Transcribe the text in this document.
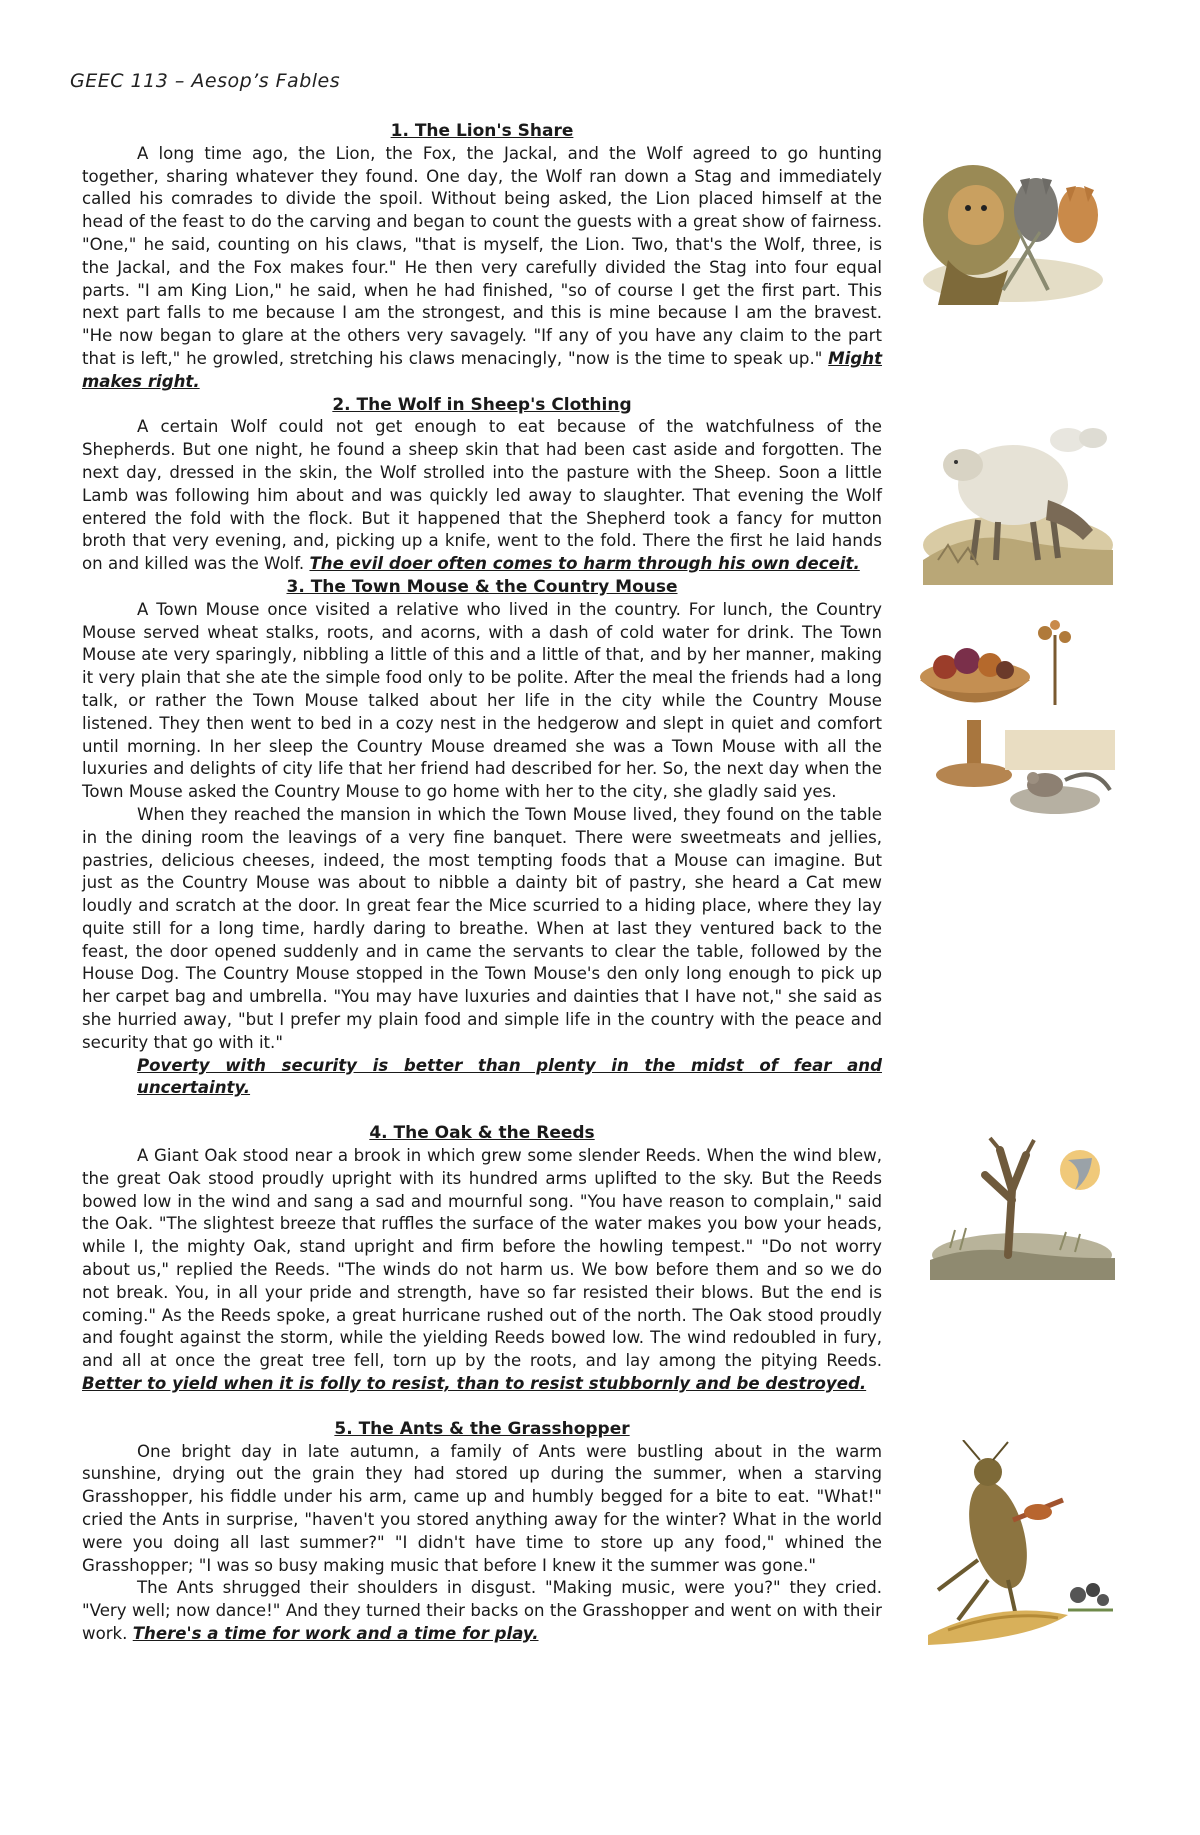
GEEC 113 – Aesop’s Fables

1. The Lion's Share

A long time ago, the Lion, the Fox, the Jackal, and the Wolf agreed to go hunting together, sharing whatever they found. One day, the Wolf ran down a Stag and immediately called his comrades to divide the spoil. Without being asked, the Lion placed himself at the head of the feast to do the carving and began to count the guests with a great show of fairness. "One," he said, counting on his claws, "that is myself, the Lion. Two, that's the Wolf, three, is the Jackal, and the Fox makes four." He then very carefully divided the Stag into four equal parts. "I am King Lion," he said, when he had finished, "so of course I get the first part. This next part falls to me because I am the strongest, and this is mine because I am the bravest. "He now began to glare at the others very savagely. "If any of you have any claim to the part that is left," he growled, stretching his claws menacingly, "now is the time to speak up." Might makes right.

2. The Wolf in Sheep's Clothing

A certain Wolf could not get enough to eat because of the watchfulness of the Shepherds. But one night, he found a sheep skin that had been cast aside and forgotten. The next day, dressed in the skin, the Wolf strolled into the pasture with the Sheep. Soon a little Lamb was following him about and was quickly led away to slaughter. That evening the Wolf entered the fold with the flock. But it happened that the Shepherd took a fancy for mutton broth that very evening, and, picking up a knife, went to the fold. There the first he laid hands on and killed was the Wolf. The evil doer often comes to harm through his own deceit.

3. The Town Mouse & the Country Mouse

A Town Mouse once visited a relative who lived in the country. For lunch, the Country Mouse served wheat stalks, roots, and acorns, with a dash of cold water for drink. The Town Mouse ate very sparingly, nibbling a little of this and a little of that, and by her manner, making it very plain that she ate the simple food only to be polite. After the meal the friends had a long talk, or rather the Town Mouse talked about her life in the city while the Country Mouse listened. They then went to bed in a cozy nest in the hedgerow and slept in quiet and comfort until morning. In her sleep the Country Mouse dreamed she was a Town Mouse with all the luxuries and delights of city life that her friend had described for her. So, the next day when the Town Mouse asked the Country Mouse to go home with her to the city, she gladly said yes.

When they reached the mansion in which the Town Mouse lived, they found on the table in the dining room the leavings of a very fine banquet. There were sweetmeats and jellies, pastries, delicious cheeses, indeed, the most tempting foods that a Mouse can imagine. But just as the Country Mouse was about to nibble a dainty bit of pastry, she heard a Cat mew loudly and scratch at the door. In great fear the Mice scurried to a hiding place, where they lay quite still for a long time, hardly daring to breathe. When at last they ventured back to the feast, the door opened suddenly and in came the servants to clear the table, followed by the House Dog. The Country Mouse stopped in the Town Mouse's den only long enough to pick up her carpet bag and umbrella. "You may have luxuries and dainties that I have not," she said as she hurried away, "but I prefer my plain food and simple life in the country with the peace and security that go with it."

Poverty with security is better than plenty in the midst of fear and uncertainty.

4. The Oak & the Reeds

A Giant Oak stood near a brook in which grew some slender Reeds. When the wind blew, the great Oak stood proudly upright with its hundred arms uplifted to the sky. But the Reeds bowed low in the wind and sang a sad and mournful song. "You have reason to complain," said the Oak. "The slightest breeze that ruffles the surface of the water makes you bow your heads, while I, the mighty Oak, stand upright and firm before the howling tempest." "Do not worry about us," replied the Reeds. "The winds do not harm us. We bow before them and so we do not break. You, in all your pride and strength, have so far resisted their blows. But the end is coming." As the Reeds spoke, a great hurricane rushed out of the north. The Oak stood proudly and fought against the storm, while the yielding Reeds bowed low. The wind redoubled in fury, and all at once the great tree fell, torn up by the roots, and lay among the pitying Reeds. Better to yield when it is folly to resist, than to resist stubbornly and be destroyed.

5. The Ants & the Grasshopper

One bright day in late autumn, a family of Ants were bustling about in the warm sunshine, drying out the grain they had stored up during the summer, when a starving Grasshopper, his fiddle under his arm, came up and humbly begged for a bite to eat. "What!" cried the Ants in surprise, "haven't you stored anything away for the winter? What in the world were you doing all last summer?" "I didn't have time to store up any food," whined the Grasshopper; "I was so busy making music that before I knew it the summer was gone."

The Ants shrugged their shoulders in disgust. "Making music, were you?" they cried. "Very well; now dance!" And they turned their backs on the Grasshopper and went on with their work. There's a time for work and a time for play.
